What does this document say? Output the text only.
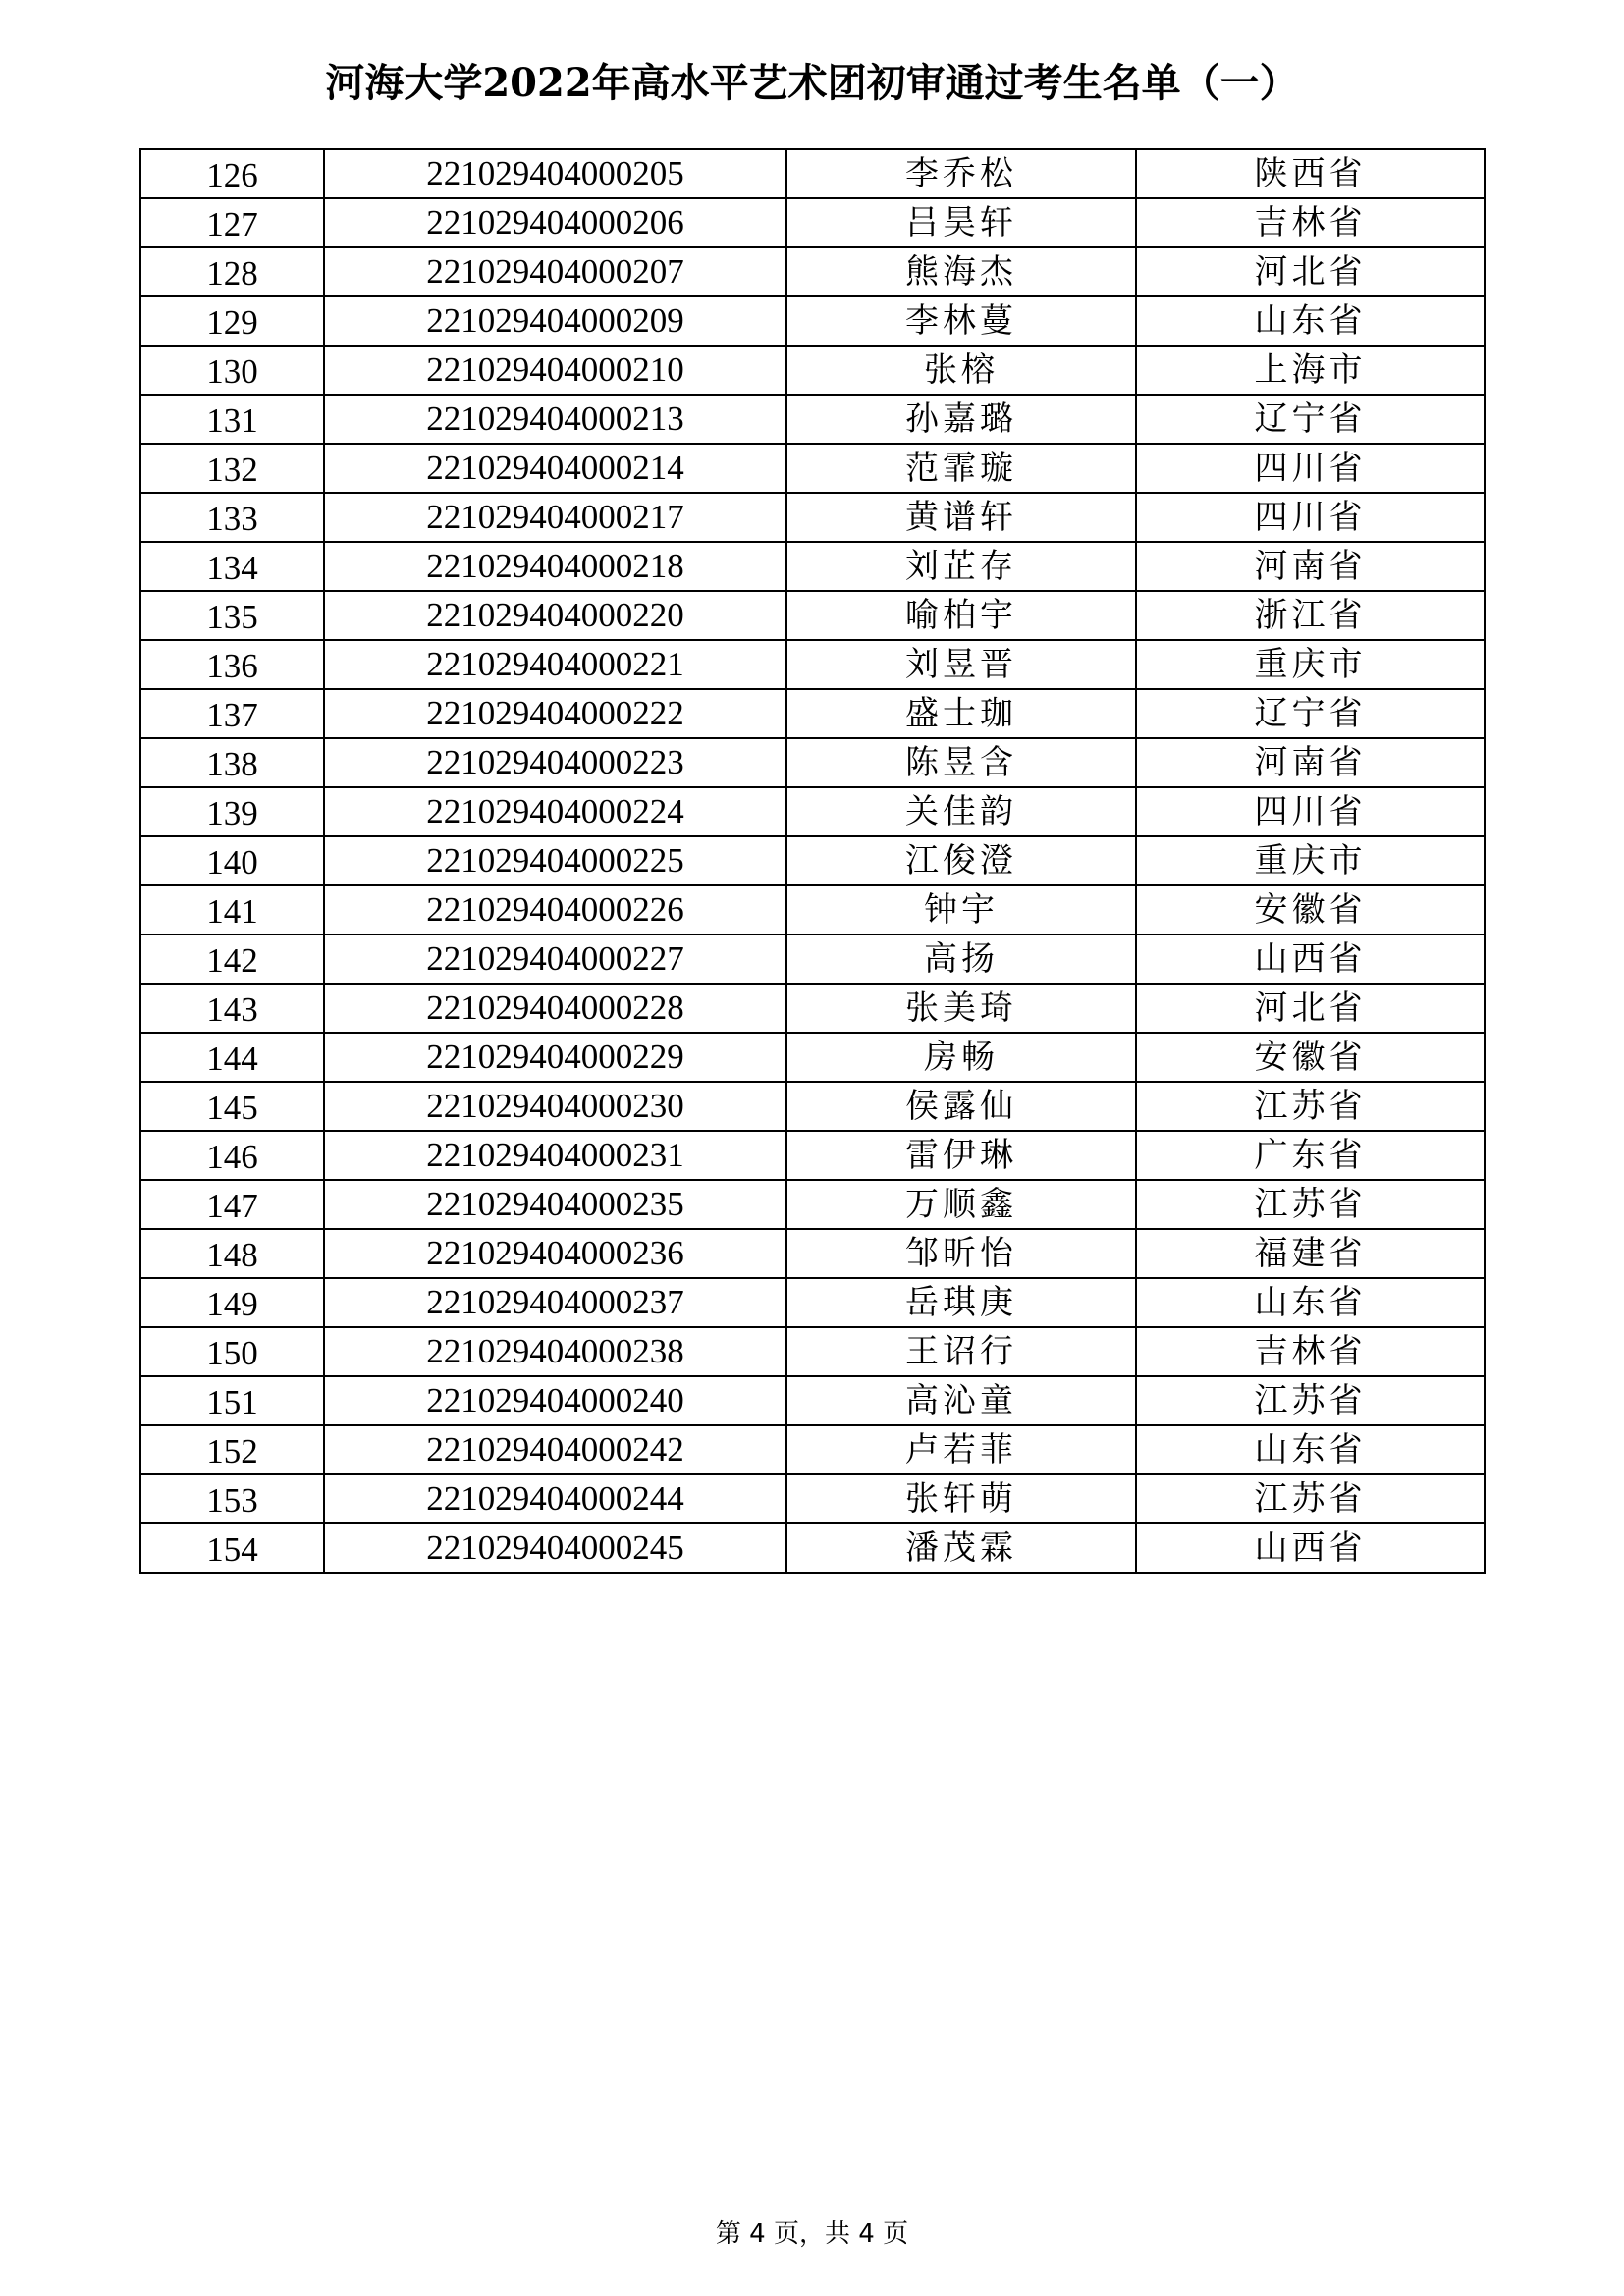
河海大学2022年高水平艺术团初审通过考生名单（一）
126	221029404000205	李乔松	陕西省
127	221029404000206	吕昊轩	吉林省
128	221029404000207	熊海杰	河北省
129	221029404000209	李林蔓	山东省
130	221029404000210	张榕	上海市
131	221029404000213	孙嘉璐	辽宁省
132	221029404000214	范霏璇	四川省
133	221029404000217	黄谱轩	四川省
134	221029404000218	刘芷存	河南省
135	221029404000220	喻柏宇	浙江省
136	221029404000221	刘昱晋	重庆市
137	221029404000222	盛士珈	辽宁省
138	221029404000223	陈昱含	河南省
139	221029404000224	关佳韵	四川省
140	221029404000225	江俊澄	重庆市
141	221029404000226	钟宇	安徽省
142	221029404000227	高扬	山西省
143	221029404000228	张美琦	河北省
144	221029404000229	房畅	安徽省
145	221029404000230	侯露仙	江苏省
146	221029404000231	雷伊琳	广东省
147	221029404000235	万顺鑫	江苏省
148	221029404000236	邹昕怡	福建省
149	221029404000237	岳琪庚	山东省
150	221029404000238	王诏行	吉林省
151	221029404000240	高沁童	江苏省
152	221029404000242	卢若菲	山东省
153	221029404000244	张轩萌	江苏省
154	221029404000245	潘茂霖	山西省
第 4 页，共 4 页
